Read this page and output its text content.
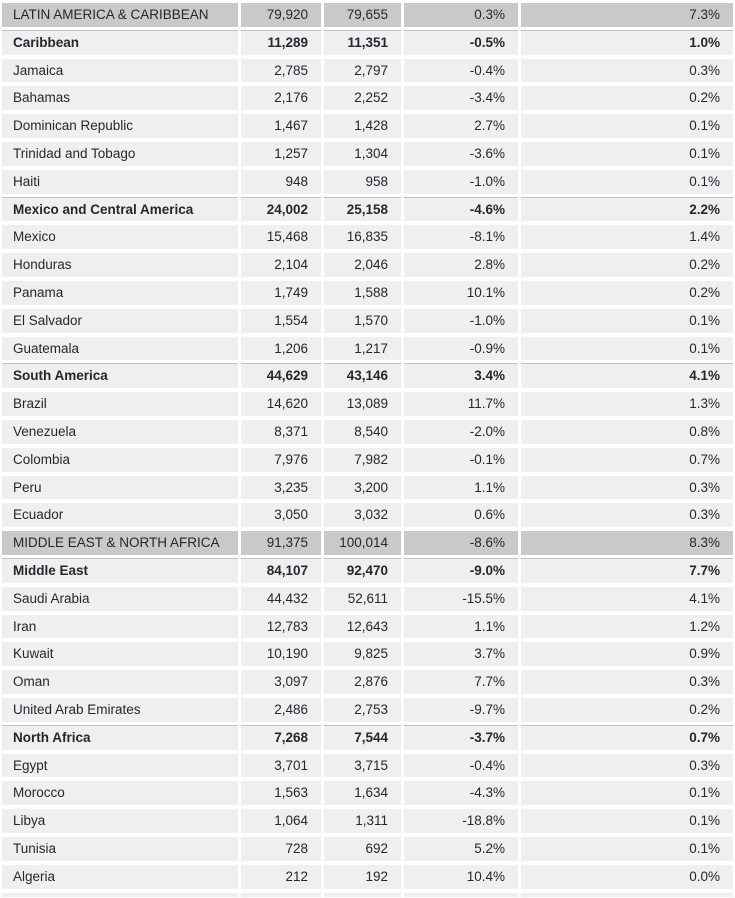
LATIN AMERICA & CARIBBEAN	79,920	79,655	0.3%	7.3%
Caribbean	11,289	11,351	-0.5%	1.0%
Jamaica	2,785	2,797	-0.4%	0.3%
Bahamas	2,176	2,252	-3.4%	0.2%
Dominican Republic	1,467	1,428	2.7%	0.1%
Trinidad and Tobago	1,257	1,304	-3.6%	0.1%
Haiti	948	958	-1.0%	0.1%
Mexico and Central America	24,002	25,158	-4.6%	2.2%
Mexico	15,468	16,835	-8.1%	1.4%
Honduras	2,104	2,046	2.8%	0.2%
Panama	1,749	1,588	10.1%	0.2%
El Salvador	1,554	1,570	-1.0%	0.1%
Guatemala	1,206	1,217	-0.9%	0.1%
South America	44,629	43,146	3.4%	4.1%
Brazil	14,620	13,089	11.7%	1.3%
Venezuela	8,371	8,540	-2.0%	0.8%
Colombia	7,976	7,982	-0.1%	0.7%
Peru	3,235	3,200	1.1%	0.3%
Ecuador	3,050	3,032	0.6%	0.3%
MIDDLE EAST & NORTH AFRICA	91,375	100,014	-8.6%	8.3%
Middle East	84,107	92,470	-9.0%	7.7%
Saudi Arabia	44,432	52,611	-15.5%	4.1%
Iran	12,783	12,643	1.1%	1.2%
Kuwait	10,190	9,825	3.7%	0.9%
Oman	3,097	2,876	7.7%	0.3%
United Arab Emirates	2,486	2,753	-9.7%	0.2%
North Africa	7,268	7,544	-3.7%	0.7%
Egypt	3,701	3,715	-0.4%	0.3%
Morocco	1,563	1,634	-4.3%	0.1%
Libya	1,064	1,311	-18.8%	0.1%
Tunisia	728	692	5.2%	0.1%
Algeria	212	192	10.4%	0.0%
